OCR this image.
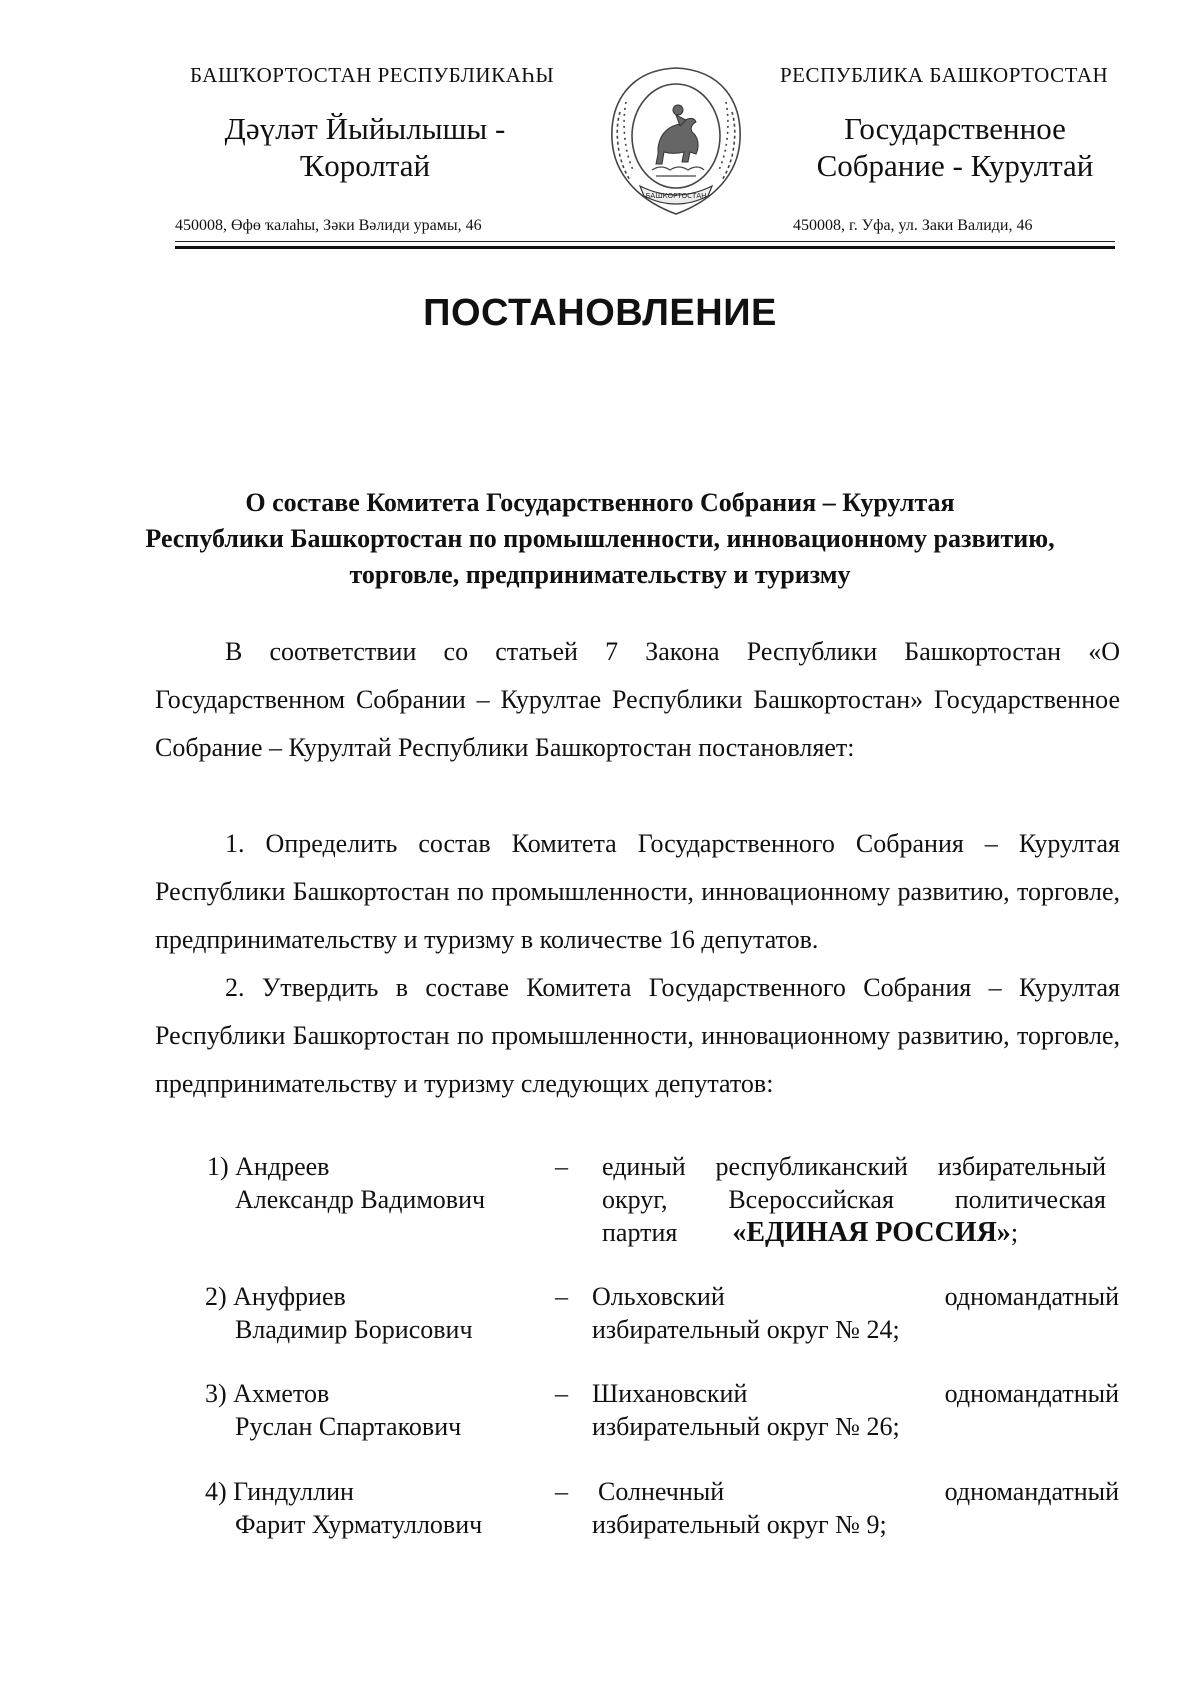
БАШҠОРТОСТАН РЕСПУБЛИКАҺЫ
Дәүләт Йыйылышы -
Ҡоролтай
450008, Өфө ҡалаһы, Зәки Вәлиди урамы, 46
РЕСПУБЛИКА БАШКОРТОСТАН
Государственное
Собрание - Курултай
450008, г. Уфа, ул. Заки Валиди, 46
БАШКОРТОСТАН
ПОСТАНОВЛЕНИЕ
О составе Комитета Государственного Собрания – Курултая
Республики Башкортостан по промышленности, инновационному развитию,
торговле, предпринимательству и туризму
В соответствии со статьей 7 Закона Республики Башкортостан «О Государственном Собрании – Курултае Республики Башкортостан» Государственное Собрание – Курултай Республики Башкортостан постановляет:
1. Определить состав Комитета Государственного Собрания – Курултая Республики Башкортостан по промышленности, инновационному развитию, торговле, предпринимательству и туризму в количестве 16 депутатов.
2. Утвердить в составе Комитета Государственного Собрания – Курултая Республики Башкортостан по промышленности, инновационному развитию, торговле, предпринимательству и туризму следующих депутатов:
1) Андреев
Александр Вадимович
– единый республиканский избирательный
округ, Всероссийская политическая
партия «ЕДИНАЯ РОССИЯ»;
2) Ануфриев
Владимир Борисович
– Ольховский одномандатный
избирательный округ № 24;
3) Ахметов
Руслан Спартакович
– Шихановский одномандатный
избирательный округ № 26;
4) Гиндуллин
Фарит Хурматуллович
– Солнечный одномандатный
избирательный округ № 9;
